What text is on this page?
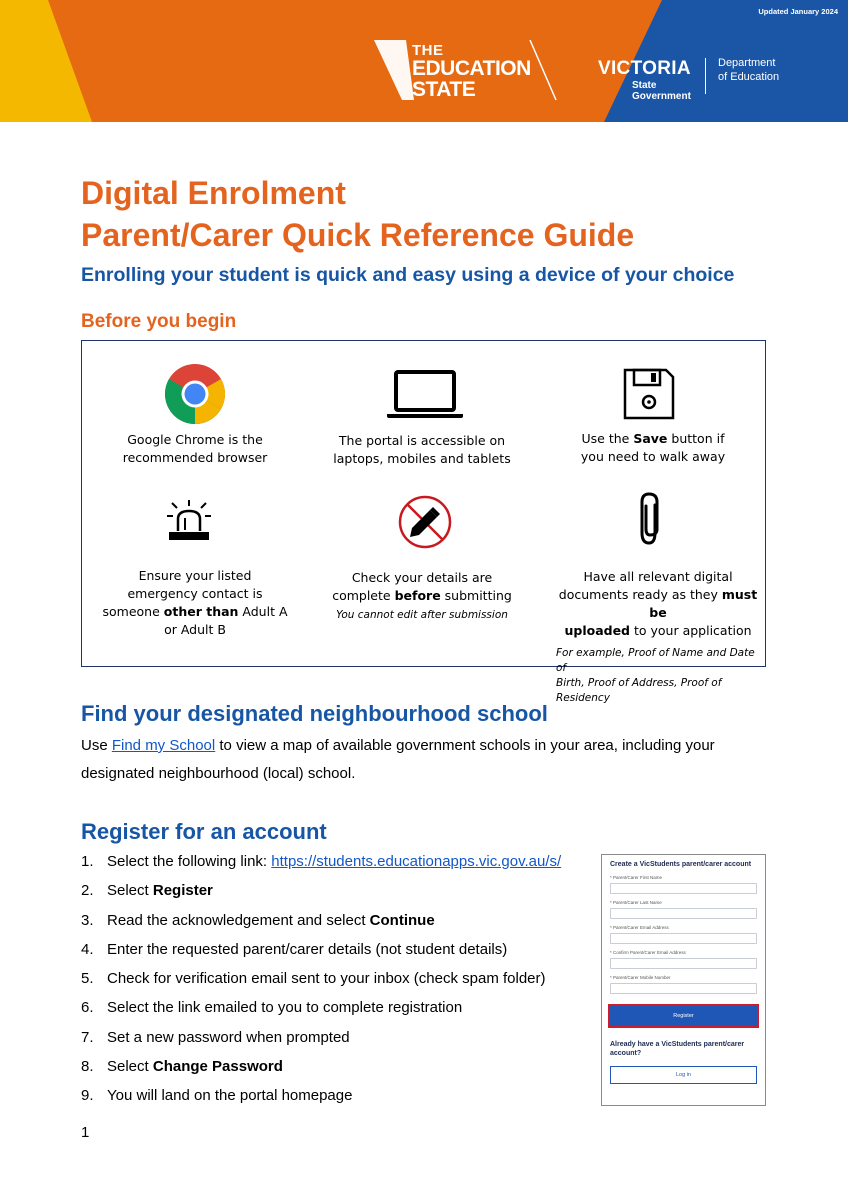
Updated January 2024
THE
EDUCATION
STATE
VICTORIA
State
Government
Department
of Education
Digital Enrolment
Parent/Carer Quick Reference Guide
Enrolling your student is quick and easy using a device of your choice
Before you begin
Google Chrome is the
recommended browser
The portal is accessible on
laptops, mobiles and tablets
Use the Save button if
you need to walk away
Ensure your listed
emergency contact is
someone other than Adult A
or Adult B
Check your details are
complete before submitting
You cannot edit after submission
Have all relevant digital
documents ready as they must be
uploaded to your application
For example, Proof of Name and Date of
Birth, Proof of Address, Proof of Residency
Find your designated neighbourhood school
Use Find my School to view a map of available government schools in your area, including your designated neighbourhood (local) school.
Register for an account
1. Select the following link: https://students.educationapps.vic.gov.au/s/
2. Select Register
3. Read the acknowledgement and select Continue
4. Enter the requested parent/carer details (not student details)
5. Check for verification email sent to your inbox (check spam folder)
6. Select the link emailed to you to complete registration
7. Set a new password when prompted
8. Select Change Password
9. You will land on the portal homepage
Create a VicStudents parent/carer account
* Parent/Carer First Name
* Parent/Carer Last Name
* Parent/Carer Email Address
* Confirm Parent/Carer Email Address
* Parent/Carer Mobile Number
Register
Already have a VicStudents parent/carer account?
Log in
1
